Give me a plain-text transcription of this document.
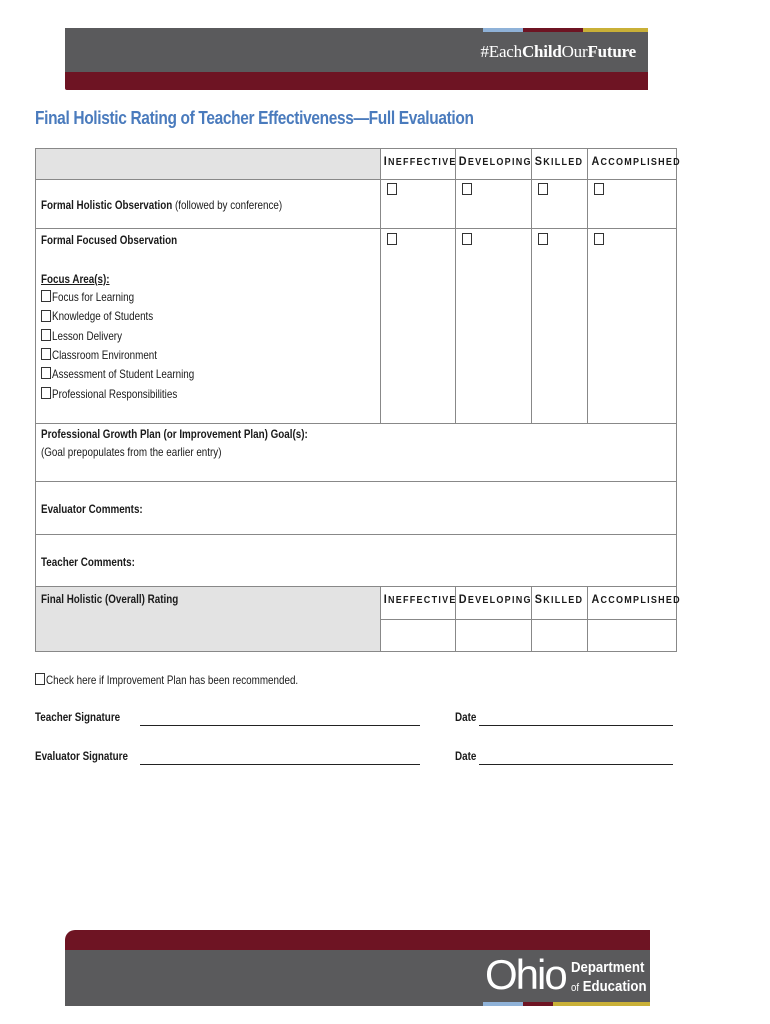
#EachChildOurFuture
Final Holistic Rating of Teacher Effectiveness—Full Evaluation
INEFFECTIVE DEVELOPING SKILLED ACCOMPLISHED
Formal Holistic Observation (followed by conference)
Formal Focused Observation
Focus Area(s):
Focus for Learning
Knowledge of Students
Lesson Delivery
Classroom Environment
Assessment of Student Learning
Professional Responsibilities
Professional Growth Plan (or Improvement Plan) Goal(s):
(Goal prepopulates from the earlier entry)
Evaluator Comments:
Teacher Comments:
Final Holistic (Overall) Rating	INEFFECTIVE DEVELOPING SKILLED ACCOMPLISHED
Check here if Improvement Plan has been recommended.
Teacher Signature	Date
Evaluator Signature	Date
Ohio Department
of Education
